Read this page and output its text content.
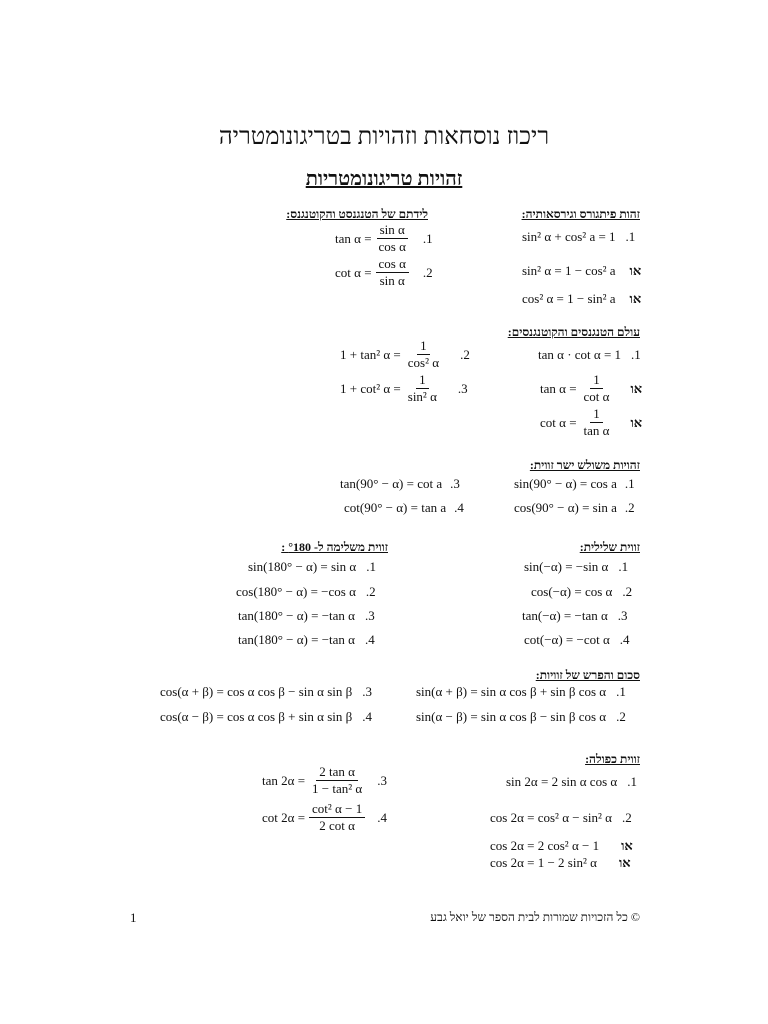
ריכוז נוסחאות וזהויות בטריגונומטריה
זהויות טריגונומטריות
זהות פיתגורס וגירסאותיה:
sin² α + cos² a = 1 .1
sin² α = 1 − cos² a או
cos² α = 1 − sin² a או
לידתם של הטנגנסט והקוטנגנס:
$\tan \alpha = \frac{\text{sin α}}{\text{cos α}} .1$
$\cot \alpha = \frac{\text{cos α}}{\text{sin α}} .2$
עולם הטנגנסים והקוטנגנסים:
tan α · cot α = 1 .1
$\tan \alpha = \frac{1}{\text{cot α}}$ או
$\cot \alpha = \frac{1}{\text{tan α}}$ או
1 + tan² $\alpha = \frac{1}{\text{cos² α}} .2$
1 + cot² $\alpha = \frac{1}{\text{sin² α}} .3$
זהויות משולש ישר זווית:
sin(90° − α) = cos a .1
cos(90° − α) = sin a .2
tan(90° − α) = cot a .3
cot(90° − α) = tan a .4
זווית שלילית:
sin(−α) = −sin α .1
cos(−α) = cos α .2
tan(−α) = −tan α .3
cot(−α) = −cot α .4
זווית משלימה ל- °180 :
sin(180° − α) = sin α .1
cos(180° − α) = −cos α .2
tan(180° − α) = −tan α .3
tan(180° − α) = −tan α .4
סכום והפרש של זוויות:
sin(α + β) = sin α cos β + sin β cos α .1
sin(α − β) = sin α cos β − sin β cos α .2
cos(α + β) = cos α cos β − sin α sin β .3
cos(α − β) = cos α cos β + sin α sin β .4
זווית כפולה:
sin 2α = 2 sin α cos α .1
cos 2α = cos² α − sin² α .2
cos 2α = 2 cos² α − 1 או
cos 2α = 1 − 2 sin² α או
$\tan 2\alpha = \frac{\text{2 tan α}}{\text{1 − tan² α}} .3$
$\cot 2\alpha = \frac{\text{cot² α − 1}}{\text{2 cot α}} .4$
© כל הזכויות שמורות לבית הספר של יואל גבע
1
